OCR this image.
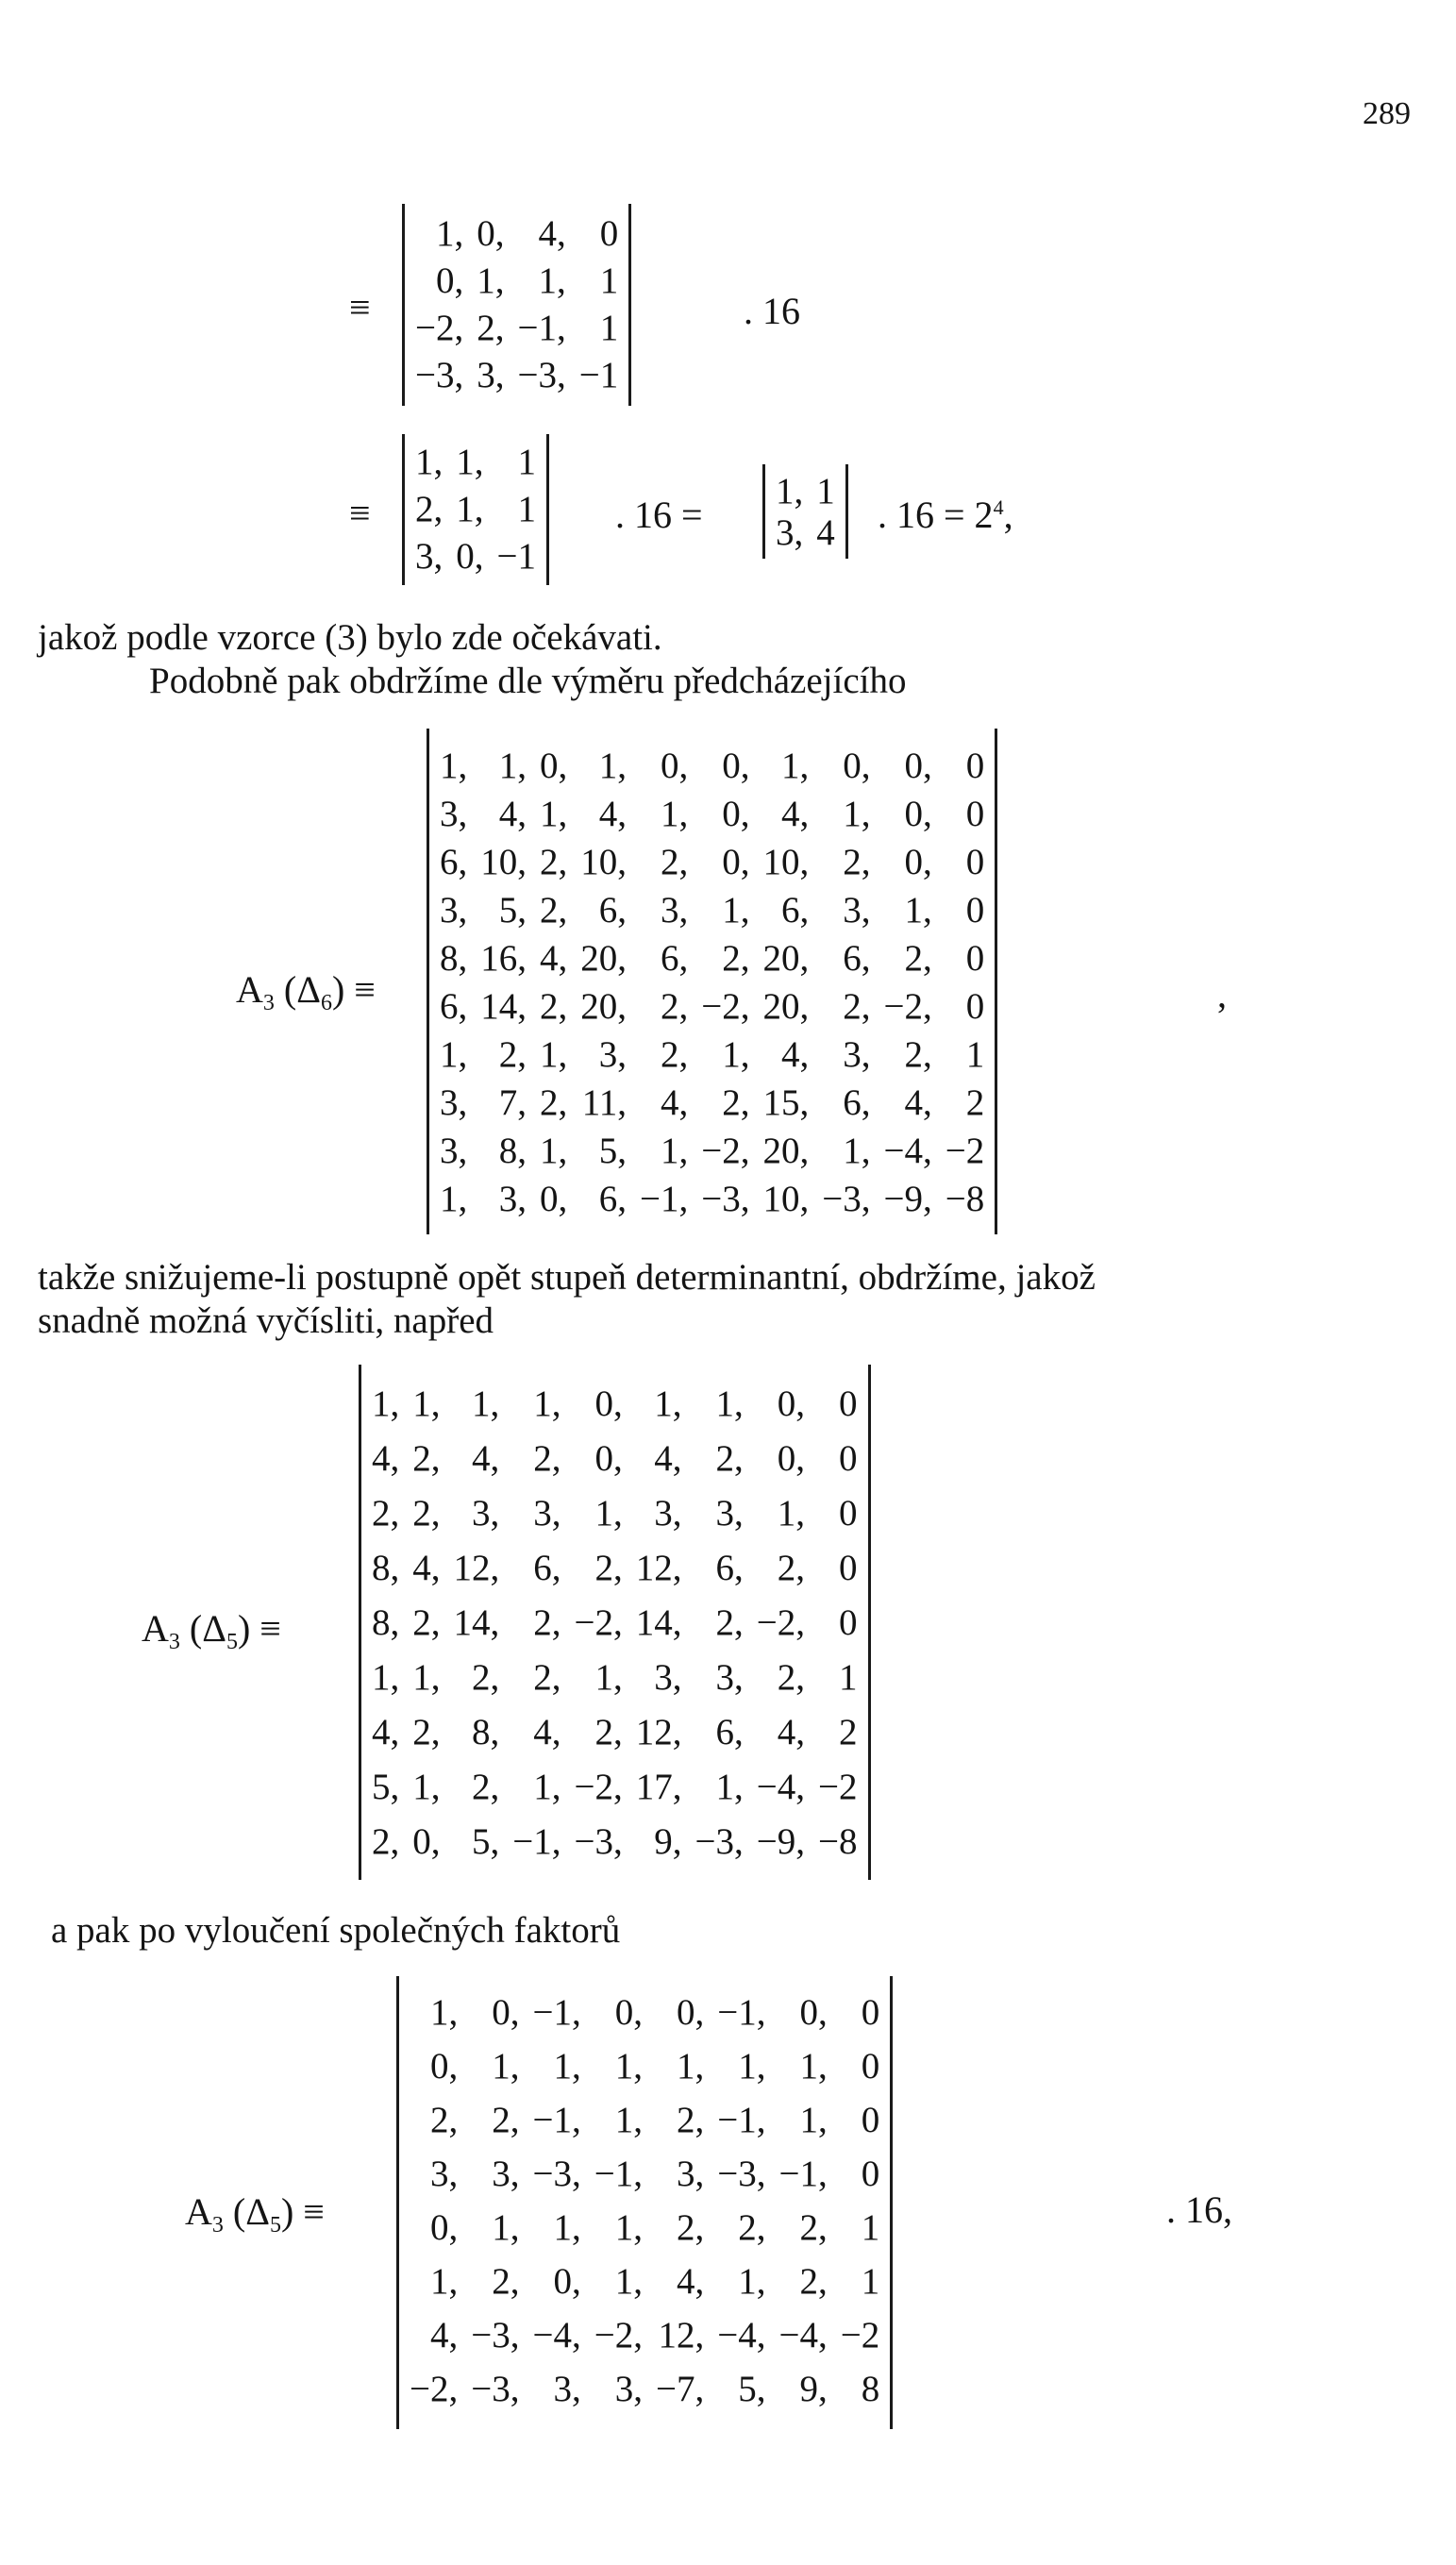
289
≡
1,	0,	4,	0
0,	1,	1,	1
−2,	2,	−1,	1
−3,	3,	−3,	−1
. 16
≡
1,	1,	1
2,	1,	1
3,	0,	−1
. 16 =
1,	1
3,	4 . $16 = 2^4$,
jakož podle vzorce (3) bylo zde očekávati.
Podobně pak obdržíme dle výměru předcházejícího
$A_3$ $(\Delta_6)$ ≡
1,	1,	0,	1,	0,	0,	1,	0,	0,	0
3,	4,	1,	4,	1,	0,	4,	1,	0,	0
6,	10,	2,	10,	2,	0,	10,	2,	0,	0
3,	5,	2,	6,	3,	1,	6,	3,	1,	0
8,	16,	4,	20,	6,	2,	20,	6,	2,	0
6,	14,	2,	20,	2,	−2,	20,	2,	−2,	0
1,	2,	1,	3,	2,	1,	4,	3,	2,	1
3,	7,	2,	11,	4,	2,	15,	6,	4,	2
3,	8,	1,	5,	1,	−2,	20,	1,	−4,	−2
1,	3,	0,	6,	−1,	−3,	10,	−3,	−9,	−8
,
takže snižujeme-li postupně opět stupeň determinantní, obdržíme, jakož
snadně možná vyčísliti, napřed
$A_3$ $(\Delta_5)$ ≡
1,	1,	1,	1,	0,	1,	1,	0,	0
4,	2,	4,	2,	0,	4,	2,	0,	0
2,	2,	3,	3,	1,	3,	3,	1,	0
8,	4,	12,	6,	2,	12,	6,	2,	0
8,	2,	14,	2,	−2,	14,	2,	−2,	0
1,	1,	2,	2,	1,	3,	3,	2,	1
4,	2,	8,	4,	2,	12,	6,	4,	2
5,	1,	2,	1,	−2,	17,	1,	−4,	−2
2,	0,	5,	−1,	−3,	9,	−3,	−9,	−8
a pak po vyloučení společných faktorů
$A_3$ $(\Delta_5)$ ≡
1,	0,	−1,	0,	0,	−1,	0,	0
0,	1,	1,	1,	1,	1,	1,	0
2,	2,	−1,	1,	2,	−1,	1,	0
3,	3,	−3,	−1,	3,	−3,	−1,	0
0,	1,	1,	1,	2,	2,	2,	1
1,	2,	0,	1,	4,	1,	2,	1
4,	−3,	−4,	−2,	12,	−4,	−4,	−2
−2,	−3,	3,	3,	−7,	5,	9,	8
. 16,
